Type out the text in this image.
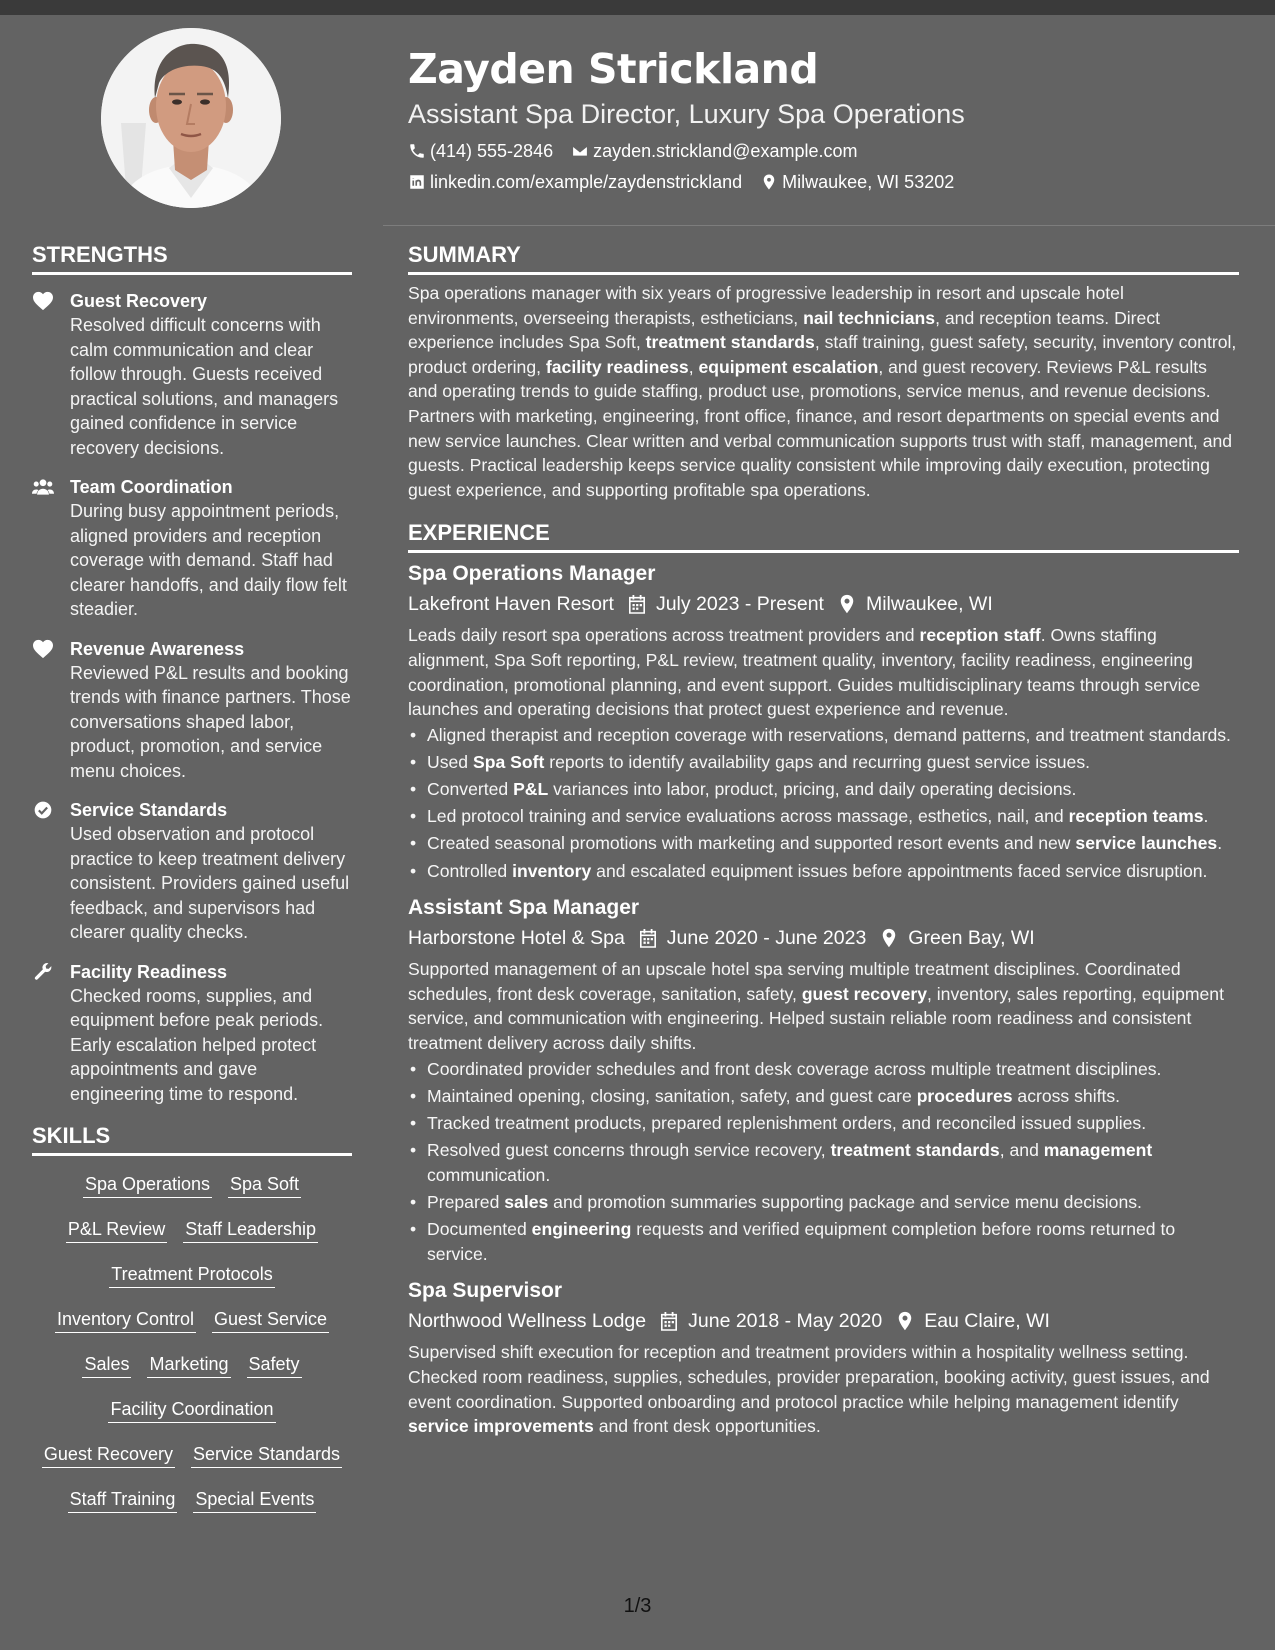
Zayden Strickland
Assistant Spa Director, Luxury Spa Operations
(414) 555-2846 zayden.strickland@example.com
linkedin.com/example/zaydenstrickland Milwaukee, WI 53202
STRENGTHS
Guest Recovery
Resolved difficult concerns with calm communication and clear follow through. Guests received practical solutions, and managers gained confidence in service recovery decisions.
Team Coordination
During busy appointment periods, aligned providers and reception coverage with demand. Staff had clearer handoffs, and daily flow felt steadier.
Revenue Awareness
Reviewed P&L results and booking trends with finance partners. Those conversations shaped labor, product, promotion, and service menu choices.
Service Standards
Used observation and protocol practice to keep treatment delivery consistent. Providers gained useful feedback, and supervisors had clearer quality checks.
Facility Readiness
Checked rooms, supplies, and equipment before peak periods. Early escalation helped protect appointments and gave engineering time to respond.
SKILLS
Spa Operations Spa Soft
P&L Review Staff Leadership
Treatment Protocols
Inventory Control Guest Service
Sales Marketing Safety
Facility Coordination
Guest Recovery Service Standards
Staff Training Special Events
SUMMARY

Spa operations manager with six years of progressive leadership in resort and upscale hotel environments, overseeing therapists, estheticians, nail technicians, and reception teams. Direct experience includes Spa Soft, treatment standards, staff training, guest safety, security, inventory control, product ordering, facility readiness, equipment escalation, and guest recovery. Reviews P&L results and operating trends to guide staffing, product use, promotions, service menus, and revenue decisions. Partners with marketing, engineering, front office, finance, and resort departments on special events and new service launches. Clear written and verbal communication supports trust with staff, management, and guests. Practical leadership keeps service quality consistent while improving daily execution, protecting guest experience, and supporting profitable spa operations.

EXPERIENCE
Spa Operations Manager
Lakefront Haven Resort July 2023 - Present Milwaukee, WI
Leads daily resort spa operations across treatment providers and reception staff. Owns staffing alignment, Spa Soft reporting, P&L review, treatment quality, inventory, facility readiness, engineering coordination, promotional planning, and event support. Guides multidisciplinary teams through service launches and operating decisions that protect guest experience and revenue.
• Aligned therapist and reception coverage with reservations, demand patterns, and treatment standards.
• Used Spa Soft reports to identify availability gaps and recurring guest service issues.
• Converted P&L variances into labor, product, pricing, and daily operating decisions.
• Led protocol training and service evaluations across massage, esthetics, nail, and reception teams.
• Created seasonal promotions with marketing and supported resort events and new service launches.
• Controlled inventory and escalated equipment issues before appointments faced service disruption.
Assistant Spa Manager
Harborstone Hotel & Spa June 2020 - June 2023 Green Bay, WI
Supported management of an upscale hotel spa serving multiple treatment disciplines. Coordinated schedules, front desk coverage, sanitation, safety, guest recovery, inventory, sales reporting, equipment service, and communication with engineering. Helped sustain reliable room readiness and consistent treatment delivery across daily shifts.
• Coordinated provider schedules and front desk coverage across multiple treatment disciplines.
• Maintained opening, closing, sanitation, safety, and guest care procedures across shifts.
• Tracked treatment products, prepared replenishment orders, and reconciled issued supplies.
• Resolved guest concerns through service recovery, treatment standards, and management communication.
• Prepared sales and promotion summaries supporting package and service menu decisions.
• Documented engineering requests and verified equipment completion before rooms returned to service.
Spa Supervisor
Northwood Wellness Lodge June 2018 - May 2020 Eau Claire, WI
Supervised shift execution for reception and treatment providers within a hospitality wellness setting. Checked room readiness, supplies, schedules, provider preparation, booking activity, guest issues, and event coordination. Supported onboarding and protocol practice while helping management identify service improvements and front desk opportunities.
1/3
